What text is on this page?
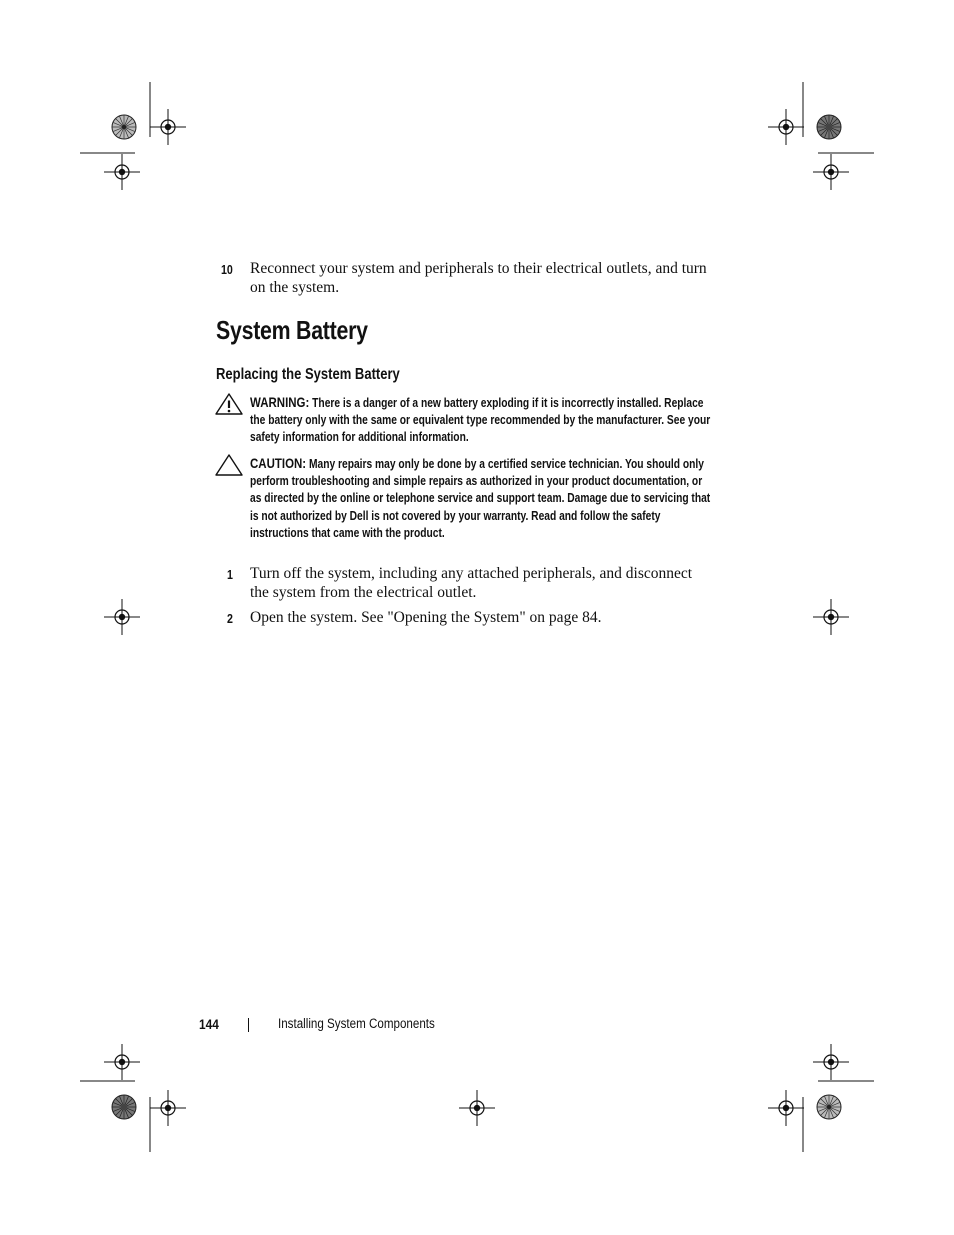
10 Reconnect your system and peripherals to their electrical outlets, and turn on the system.
System Battery
Replacing the System Battery
WARNING: There is a danger of a new battery exploding if it is incorrectly installed. Replace the battery only with the same or equivalent type recommended by the manufacturer. See your safety information for additional information.
CAUTION: Many repairs may only be done by a certified service technician. You should only perform troubleshooting and simple repairs as authorized in your product documentation, or as directed by the online or telephone service and support team. Damage due to servicing that is not authorized by Dell is not covered by your warranty. Read and follow the safety instructions that came with the product.
1 Turn off the system, including any attached peripherals, and disconnect the system from the electrical outlet.
2 Open the system. See "Opening the System" on page 84.
144	Installing System Components
